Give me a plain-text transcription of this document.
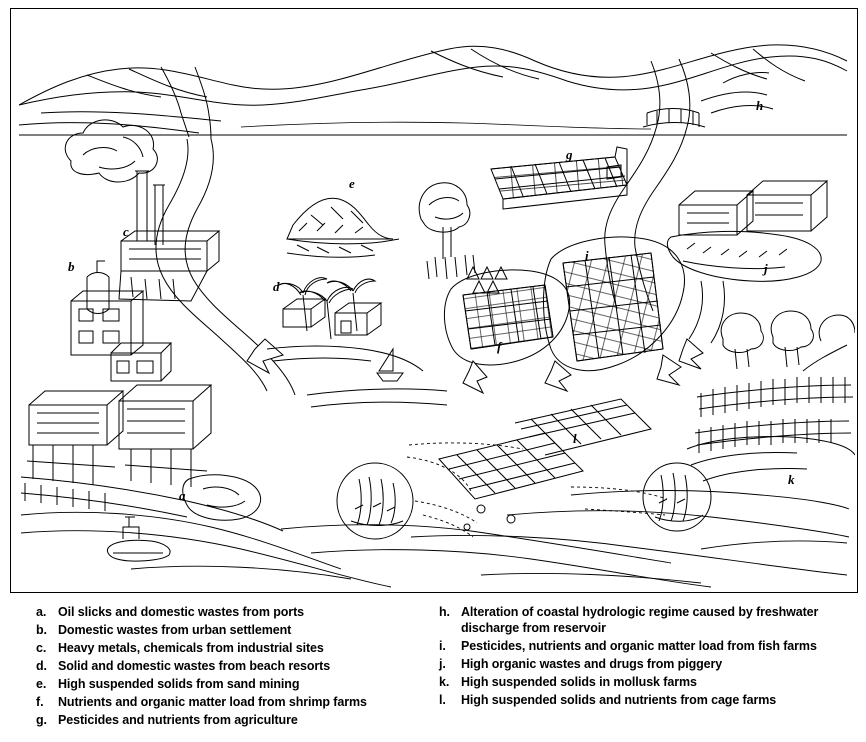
a
b
c
d
e
f
g
h
i
j
k
l
a. Oil slicks and domestic wastes from ports
b. Domestic wastes from urban settlement
c. Heavy metals, chemicals from industrial sites
d. Solid and domestic wastes from beach resorts
e. High suspended solids from sand mining
f.	Nutrients and organic matter load from shrimp farms
g. Pesticides and nutrients from agriculture
h. Alteration of coastal hydrologic regime caused by freshwater discharge from reservoir
i.	Pesticides, nutrients and organic matter load from fish farms
j.	High organic wastes and drugs from piggery
k. High suspended solids in mollusk farms
l.	High suspended solids and nutrients from cage farms
